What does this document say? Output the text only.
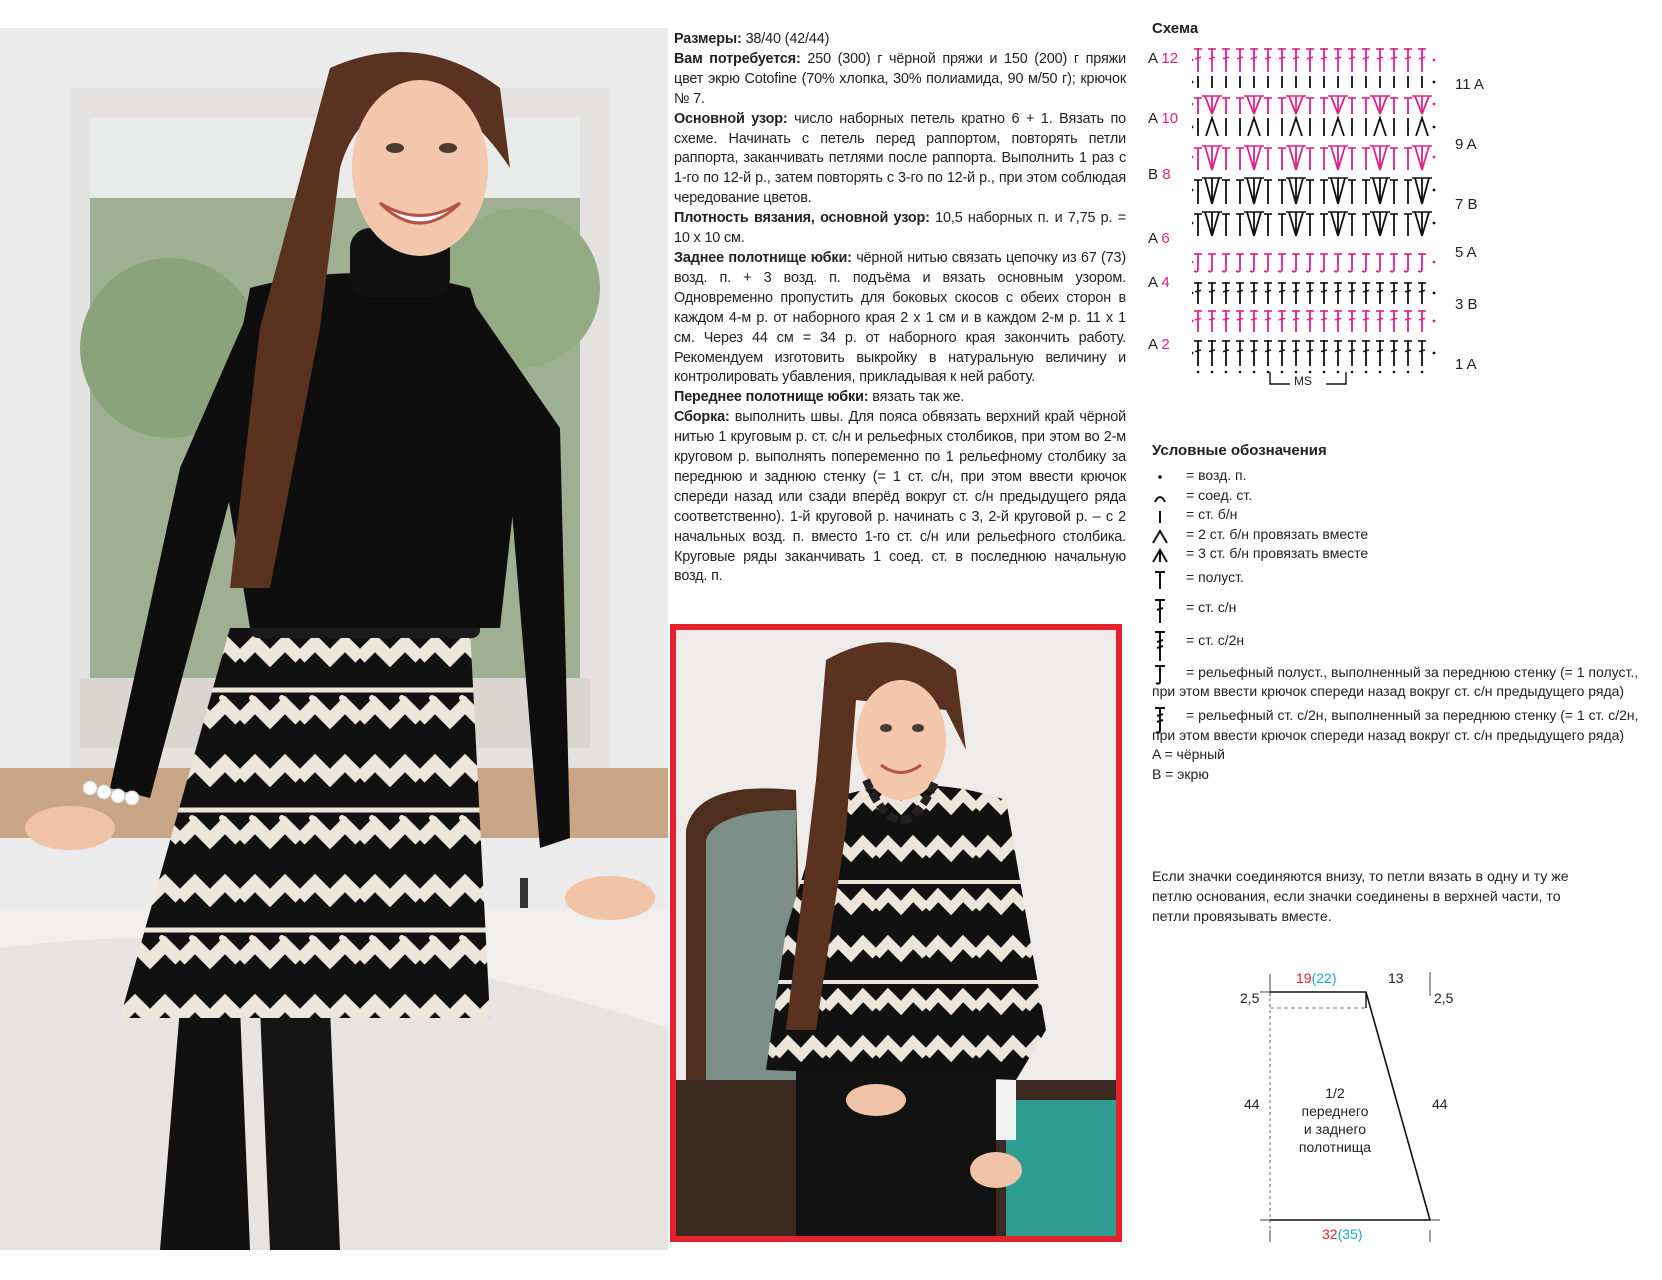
Размеры: 38/40 (42/44)

Вам потребуется: 250 (300) г чёрной пряжи и 150 (200) г пряжи цвет экрю Cotofine (70% хлопка, 30% полиамида, 90 м/50 г); крючок № 7.

Основной узор: число наборных петель кратно 6 + 1. Вязать по схеме. Начинать с петель перед раппортом, повторять петли раппорта, заканчивать петлями после раппорта. Выполнить 1 раз с 1-го по 12-й р., затем повторять с 3-го по 12-й р., при этом соблюдая чередование цветов.

Плотность вязания, основной узор: 10,5 наборных п. и 7,75 р. = 10 х 10 см.

Заднее полотнище юбки: чёрной нитью связать цепочку из 67 (73) возд. п. + 3 возд. п. подъёма и вязать основным узором. Одновременно пропустить для боковых скосов с обеих сторон в каждом 4-м р. от наборного края 2 х 1 см и в каждом 2-м р. 11 х 1 см. Через 44 см = 34 р. от наборного края закончить работу. Рекомендуем изготовить выкройку в натуральную величину и контролировать убавления, прикладывая к ней работу.

Переднее полотнище юбки: вязать так же.

Сборка: выполнить швы. Для пояса обвязать верхний край чёрной нитью 1 круговым р. ст. с/н и рельефных столбиков, при этом во 2-м круговом р. выполнять попеременно по 1 рельефному столбику за переднюю и заднюю стенку (= 1 ст. с/н, при этом ввести крючок спереди назад или сзади вперёд вокруг ст. с/н предыдущего ряда соответственно). 1-й круговой р. начинать с 3, 2-й круговой р. – с 2 начальных возд. п. вместо 1-го ст. с/н или рельефного столбика. Круговые ряды заканчивать 1 соед. ст. в последнюю начальную возд. п.

Схема
A 12
A 10
B 8
A 6
A 4
A 2
11 A
9 A
7 B
5 A
3 B
1 A
MS
Условные обозначения
= возд. п.
= соед. ст.
= ст. б/н
= 2 ст. б/н провязать вместе
= 3 ст. б/н провязать вместе
= полуст.
= ст. с/н
= ст. с/2н
= рельефный полуст., выполненный за переднюю стенку (= 1 полуст., при этом ввести крючок спереди назад вокруг ст. с/н предыдущего ряда)
= рельефный ст. с/2н, выполненный за переднюю стенку (= 1 ст. с/2н, при этом ввести крючок спереди назад вокруг ст. с/н предыдущего ряда)
A = чёрный
B = экрю
Если значки соединяются внизу, то петли вязать в одну и ту же петлю основания, если значки соединены в верхней части, то петли провязывать вместе.
19(22)	13
2,5	2,5
44	44
1/2
переднего
и заднего
полотнища
32(35)
